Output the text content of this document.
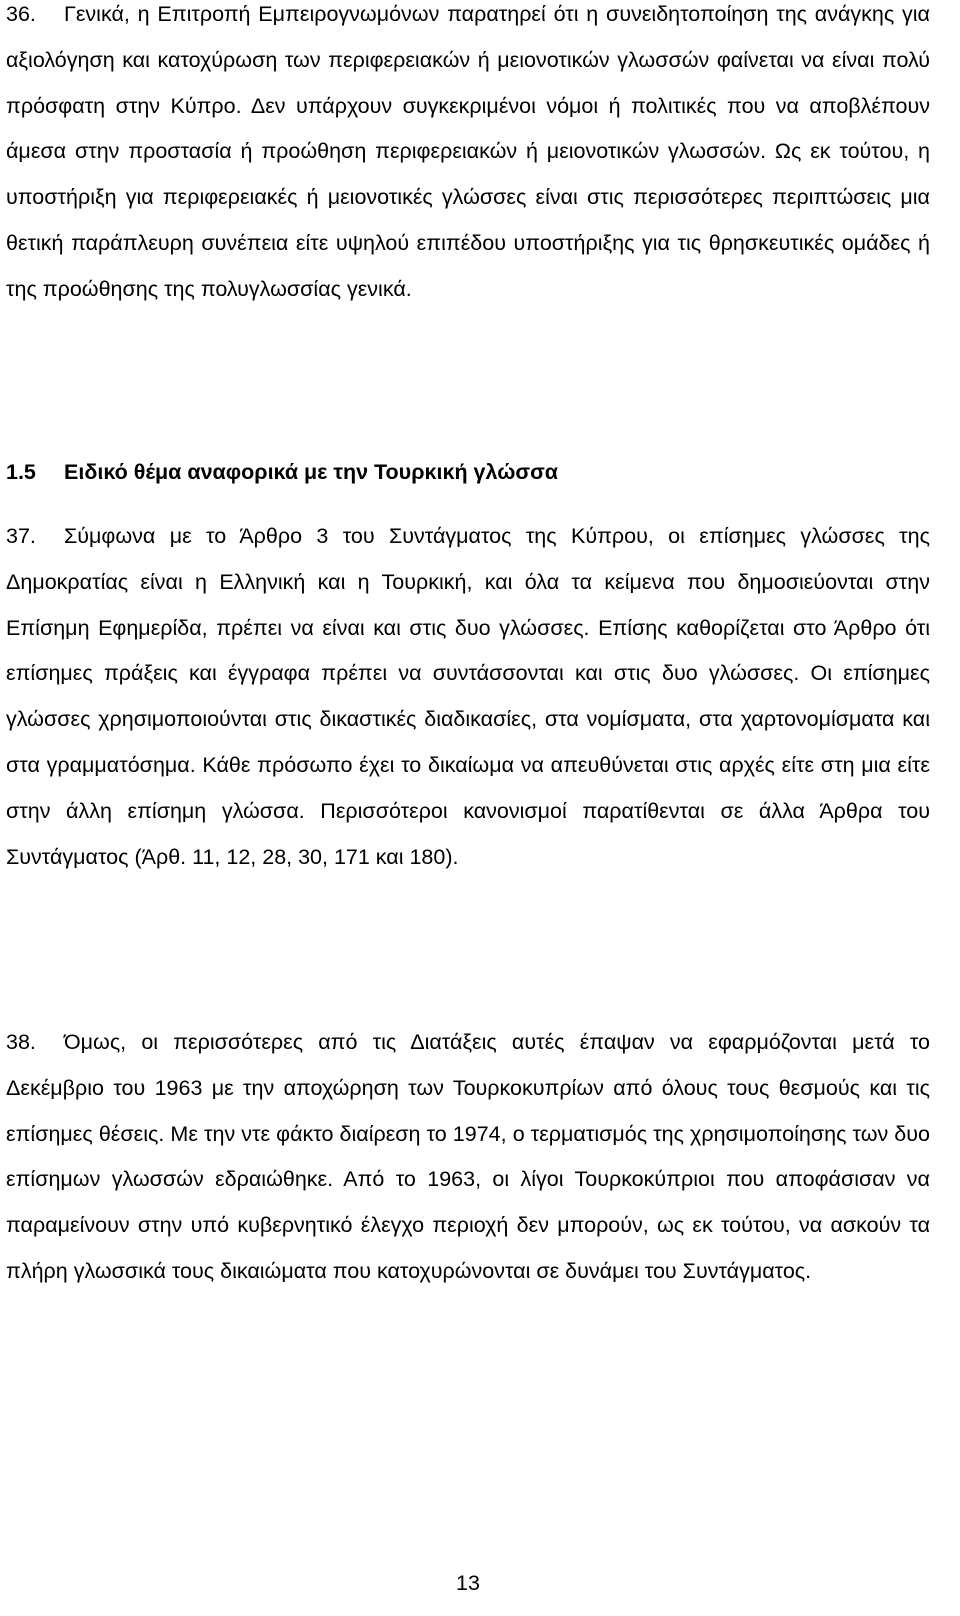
36. Γενικά, η Επιτροπή Εμπειρογνωμόνων παρατηρεί ότι η συνειδητοποίηση της ανάγκης για αξιολόγηση και κατοχύρωση των περιφερειακών ή μειονοτικών γλωσσών φαίνεται να είναι πολύ πρόσφατη στην Κύπρο. Δεν υπάρχουν συγκεκριμένοι νόμοι ή πολιτικές που να αποβλέπουν άμεσα στην προστασία ή προώθηση περιφερειακών ή μειονοτικών γλωσσών. Ως εκ τούτου, η υποστήριξη για περιφερειακές ή μειονοτικές γλώσσες είναι στις περισσότερες περιπτώσεις μια θετική παράπλευρη συνέπεια είτε υψηλού επιπέδου υποστήριξης για τις θρησκευτικές ομάδες ή της προώθησης της πολυγλωσσίας γενικά.

1.5 Ειδικό θέμα αναφορικά με την Τουρκική γλώσσα

37. Σύμφωνα με το Άρθρο 3 του Συντάγματος της Κύπρου, οι επίσημες γλώσσες της Δημοκρατίας είναι η Ελληνική και η Τουρκική, και όλα τα κείμενα που δημοσιεύονται στην Επίσημη Εφημερίδα, πρέπει να είναι και στις δυο γλώσσες. Επίσης καθορίζεται στο Άρθρο ότι επίσημες πράξεις και έγγραφα πρέπει να συντάσσονται και στις δυο γλώσσες. Οι επίσημες γλώσσες χρησιμοποιούνται στις δικαστικές διαδικασίες, στα νομίσματα, στα χαρτονομίσματα και στα γραμματόσημα. Κάθε πρόσωπο έχει το δικαίωμα να απευθύνεται στις αρχές είτε στη μια είτε στην άλλη επίσημη γλώσσα. Περισσότεροι κανονισμοί παρατίθενται σε άλλα Άρθρα του Συντάγματος (Άρθ. 11, 12, 28, 30, 171 και 180).

38. Όμως, οι περισσότερες από τις Διατάξεις αυτές έπαψαν να εφαρμόζονται μετά το Δεκέμβριο του 1963 με την αποχώρηση των Τουρκοκυπρίων από όλους τους θεσμούς και τις επίσημες θέσεις. Με την ντε φάκτο διαίρεση το 1974, ο τερματισμός της χρησιμοποίησης των δυο επίσημων γλωσσών εδραιώθηκε. Από το 1963, οι λίγοι Τουρκοκύπριοι που αποφάσισαν να παραμείνουν στην υπό κυβερνητικό έλεγχο περιοχή δεν μπορούν, ως εκ τούτου, να ασκούν τα πλήρη γλωσσικά τους δικαιώματα που κατοχυρώνονται σε δυνάμει του Συντάγματος.

13
